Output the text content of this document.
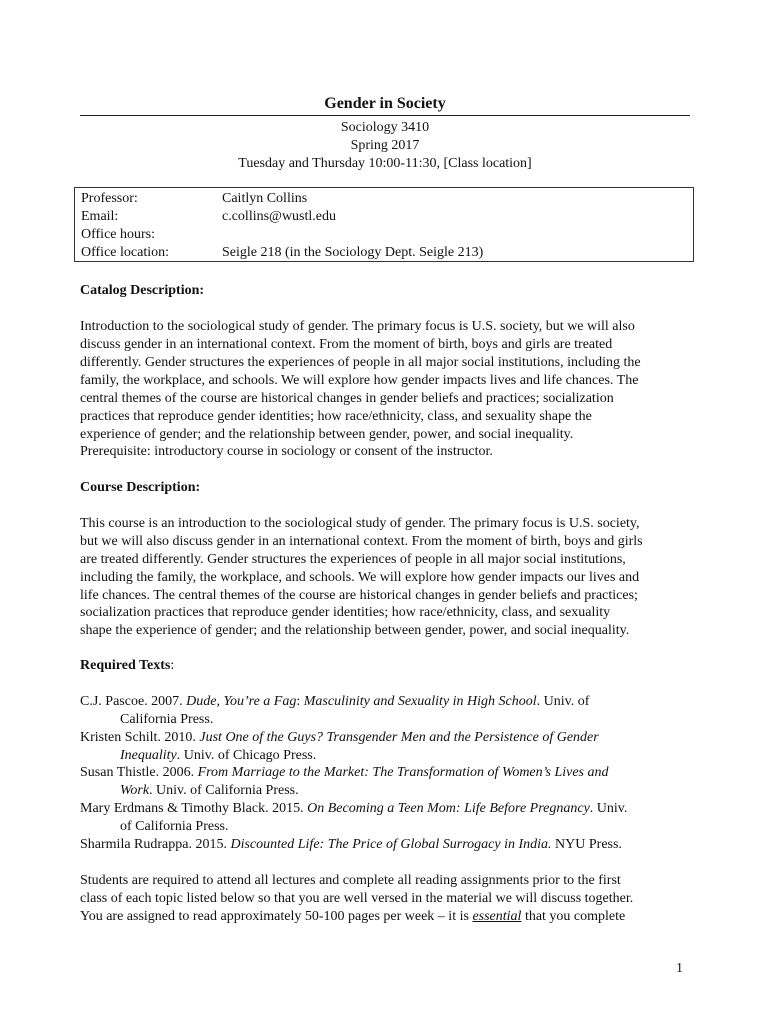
Gender in Society
Sociology 3410
Spring 2017
Tuesday and Thursday 10:00-11:30, [Class location]
Professor:	Caitlyn Collins
Email:	c.collins@wustl.edu
Office hours:
Office location:	Seigle 218 (in the Sociology Dept. Seigle 213)
Catalog Description:
Introduction to the sociological study of gender. The primary focus is U.S. society, but we will also
discuss gender in an international context. From the moment of birth, boys and girls are treated
differently. Gender structures the experiences of people in all major social institutions, including the
family, the workplace, and schools. We will explore how gender impacts lives and life chances. The
central themes of the course are historical changes in gender beliefs and practices; socialization
practices that reproduce gender identities; how race/ethnicity, class, and sexuality shape the
experience of gender; and the relationship between gender, power, and social inequality.
Prerequisite: introductory course in sociology or consent of the instructor.
Course Description:
This course is an introduction to the sociological study of gender. The primary focus is U.S. society,
but we will also discuss gender in an international context. From the moment of birth, boys and girls
are treated differently. Gender structures the experiences of people in all major social institutions,
including the family, the workplace, and schools. We will explore how gender impacts our lives and
life chances. The central themes of the course are historical changes in gender beliefs and practices;
socialization practices that reproduce gender identities; how race/ethnicity, class, and sexuality
shape the experience of gender; and the relationship between gender, power, and social inequality.
Required Texts:
C.J. Pascoe. 2007. Dude, You’re a Fag: Masculinity and Sexuality in High School. Univ. of
California Press.
Kristen Schilt. 2010. Just One of the Guys? Transgender Men and the Persistence of Gender
Inequality. Univ. of Chicago Press.
Susan Thistle. 2006. From Marriage to the Market: The Transformation of Women’s Lives and
Work. Univ. of California Press.
Mary Erdmans & Timothy Black. 2015. On Becoming a Teen Mom: Life Before Pregnancy. Univ.
of California Press.
Sharmila Rudrappa. 2015. Discounted Life: The Price of Global Surrogacy in India. NYU Press.
Students are required to attend all lectures and complete all reading assignments prior to the first
class of each topic listed below so that you are well versed in the material we will discuss together.
You are assigned to read approximately 50-100 pages per week – it is essential that you complete
1
